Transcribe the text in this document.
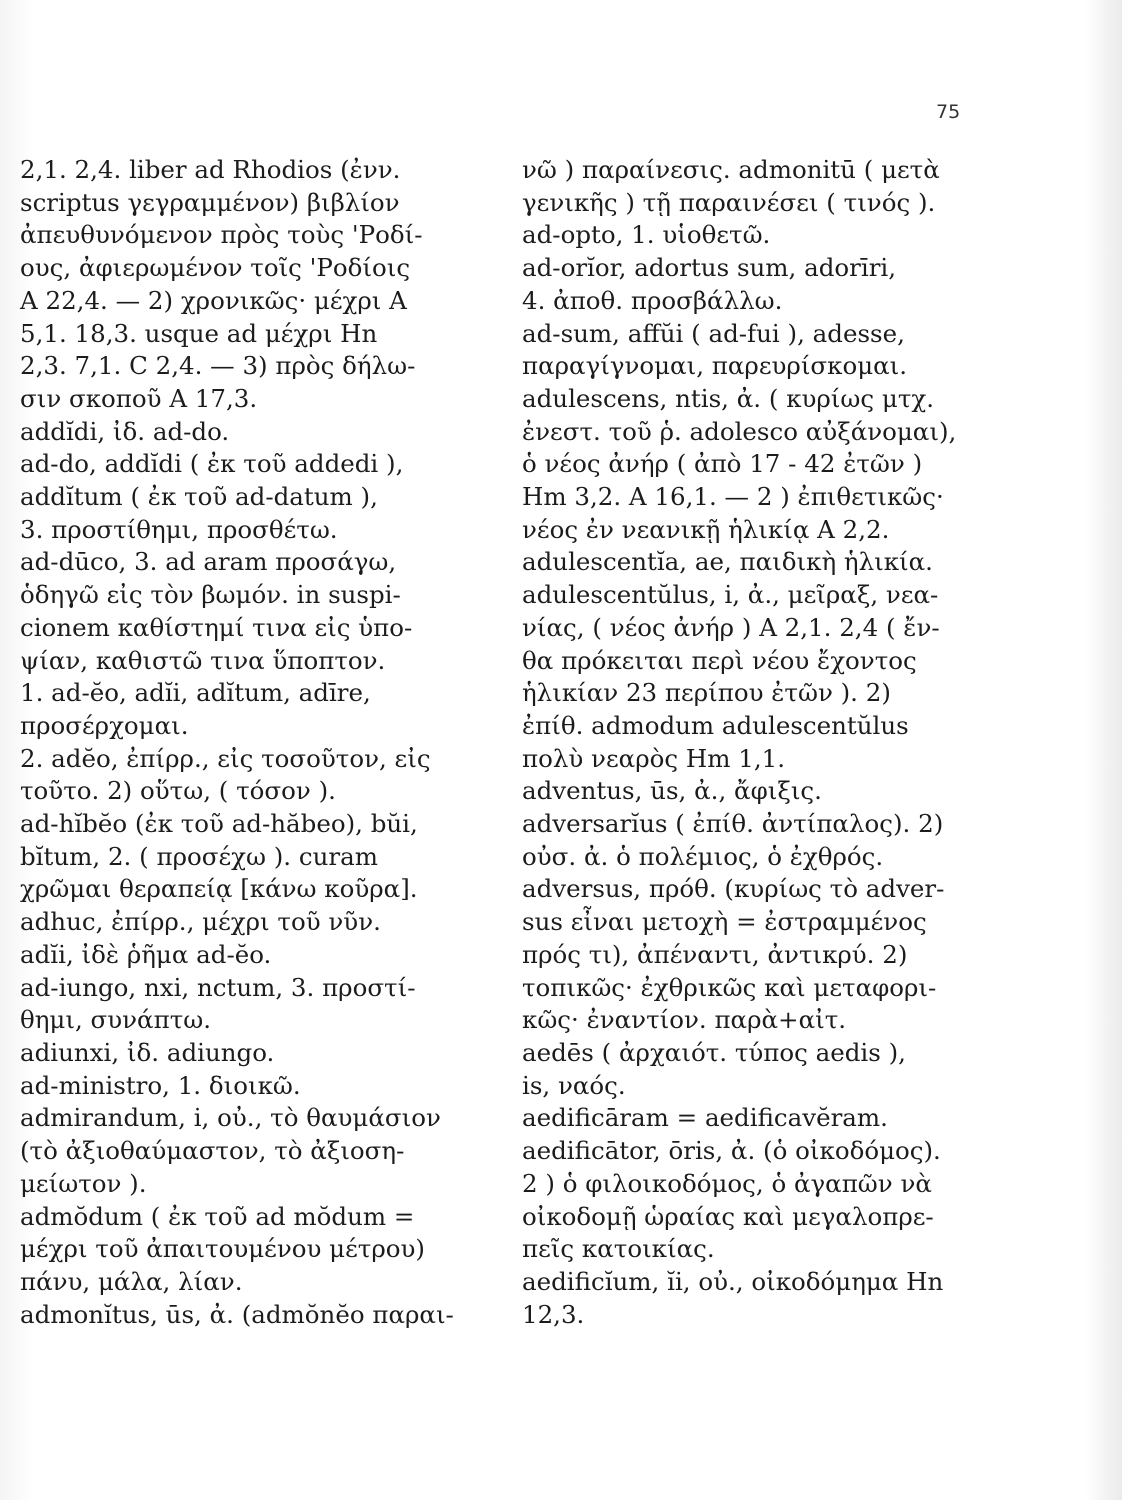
75
2,1. 2,4. liber ad Rhodios (ἐνν.
scriptus γεγραμμένον) βιβλίον
ἀπευθυνόμενον πρὸς τοὺς 'Ροδί-
ους, ἀφιερωμένον τοῖς 'Ροδίοις
A 22,4. — 2) χρονικῶς· μέχρι A
5,1. 18,3. usque ad μέχρι Hn
2,3. 7,1. C 2,4. — 3) πρὸς δήλω-
σιν σκοποῦ A 17,3.
addĭdi, ἰδ. ad-do.
ad-do, addĭdi ( ἐκ τοῦ addedi ),
addĭtum ( ἐκ τοῦ ad-datum ),
3. προστίθημι, προσθέτω.
ad-dūco, 3. ad aram προσάγω,
ὁδηγῶ εἰς τὸν βωμόν. in suspi-
cionem καθίστημί τινα εἰς ὑπο-
ψίαν, καθιστῶ τινα ὕποπτον.
1. ad-ĕo, adĭi, adĭtum, adīre,
προσέρχομαι.
2. adĕo, ἐπίρρ., εἰς τοσοῦτον, εἰς
τοῦτο. 2) οὕτω, ( τόσον ).
ad-hĭbĕo (ἐκ τοῦ ad-hăbeo), bŭi,
bĭtum, 2. ( προσέχω ). curam
χρῶμαι θεραπείᾳ [κάνω κοῦρα].
adhuc, ἐπίρρ., μέχρι τοῦ νῦν.
adĭi, ἰδὲ ῥῆμα ad-ĕo.
ad-iungo, nxi, nctum, 3. προστί-
θημι, συνάπτω.
adiunxi, ἰδ. adiungo.
ad-ministro, 1. διοικῶ.
admirandum, i, οὐ., τὸ θαυμάσιον
(τὸ ἀξιοθαύμαστον, τὸ ἀξιοση-
μείωτον ).
admŏdum ( ἐκ τοῦ ad mŏdum =
μέχρι τοῦ ἀπαιτουμένου μέτρου)
πάνυ, μάλα, λίαν.
admonĭtus, ūs, ἀ. (admŏnĕo παραι-
νῶ ) παραίνεσις. admonitū ( μετὰ
γενικῆς ) τῇ παραινέσει ( τινός ).
ad-opto, 1. υἱοθετῶ.
ad-orĭor, adortus sum, adorīri,
4. ἀποθ. προσβάλλω.
ad-sum, affŭi ( ad-fui ), adesse,
παραγίγνομαι, παρευρίσκομαι.
adulescens, ntis, ἀ. ( κυρίως μτχ.
ἐνεστ. τοῦ ῥ. adolesco αὐξάνομαι),
ὁ νέος ἀνήρ ( ἀπὸ 17 - 42 ἐτῶν )
Hm 3,2. A 16,1. — 2 ) ἐπιθετικῶς·
νέος ἐν νεανικῇ ἡλικίᾳ A 2,2.
adulescentĭa, ae, παιδικὴ ἡλικία.
adulescentŭlus, i, ἀ., μεῖραξ, νεα-
νίας, ( νέος ἀνήρ ) A 2,1. 2,4 ( ἔν-
θα πρόκειται περὶ νέου ἔχοντος
ἡλικίαν 23 περίπου ἐτῶν ). 2)
ἐπίθ. admodum adulescentŭlus
πολὺ νεαρὸς Hm 1,1.
adventus, ūs, ἀ., ἄφιξις.
adversarĭus ( ἐπίθ. ἀντίπαλος). 2)
οὐσ. ἀ. ὁ πολέμιος, ὁ ἐχθρός.
adversus, πρόθ. (κυρίως τὸ adver-
sus εἶναι μετοχὴ = ἐστραμμένος
πρός τι), ἀπέναντι, ἀντικρύ. 2)
τοπικῶς· ἐχθρικῶς καὶ μεταφορι-
κῶς· ἐναντίον. παρὰ+αἰτ.
aedēs ( ἀρχαιότ. τύπος aedis ),
is, ναός.
aedificāram = aedificavĕram.
aedificātor, ōris, ἀ. (ὁ οἰκοδόμος).
2 ) ὁ φιλοικοδόμος, ὁ ἀγαπῶν νὰ
οἰκοδομῇ ὡραίας καὶ μεγαλοπρε-
πεῖς κατοικίας.
aedificĭum, ĭi, οὐ., οἰκοδόμημα Hn
12,3.
